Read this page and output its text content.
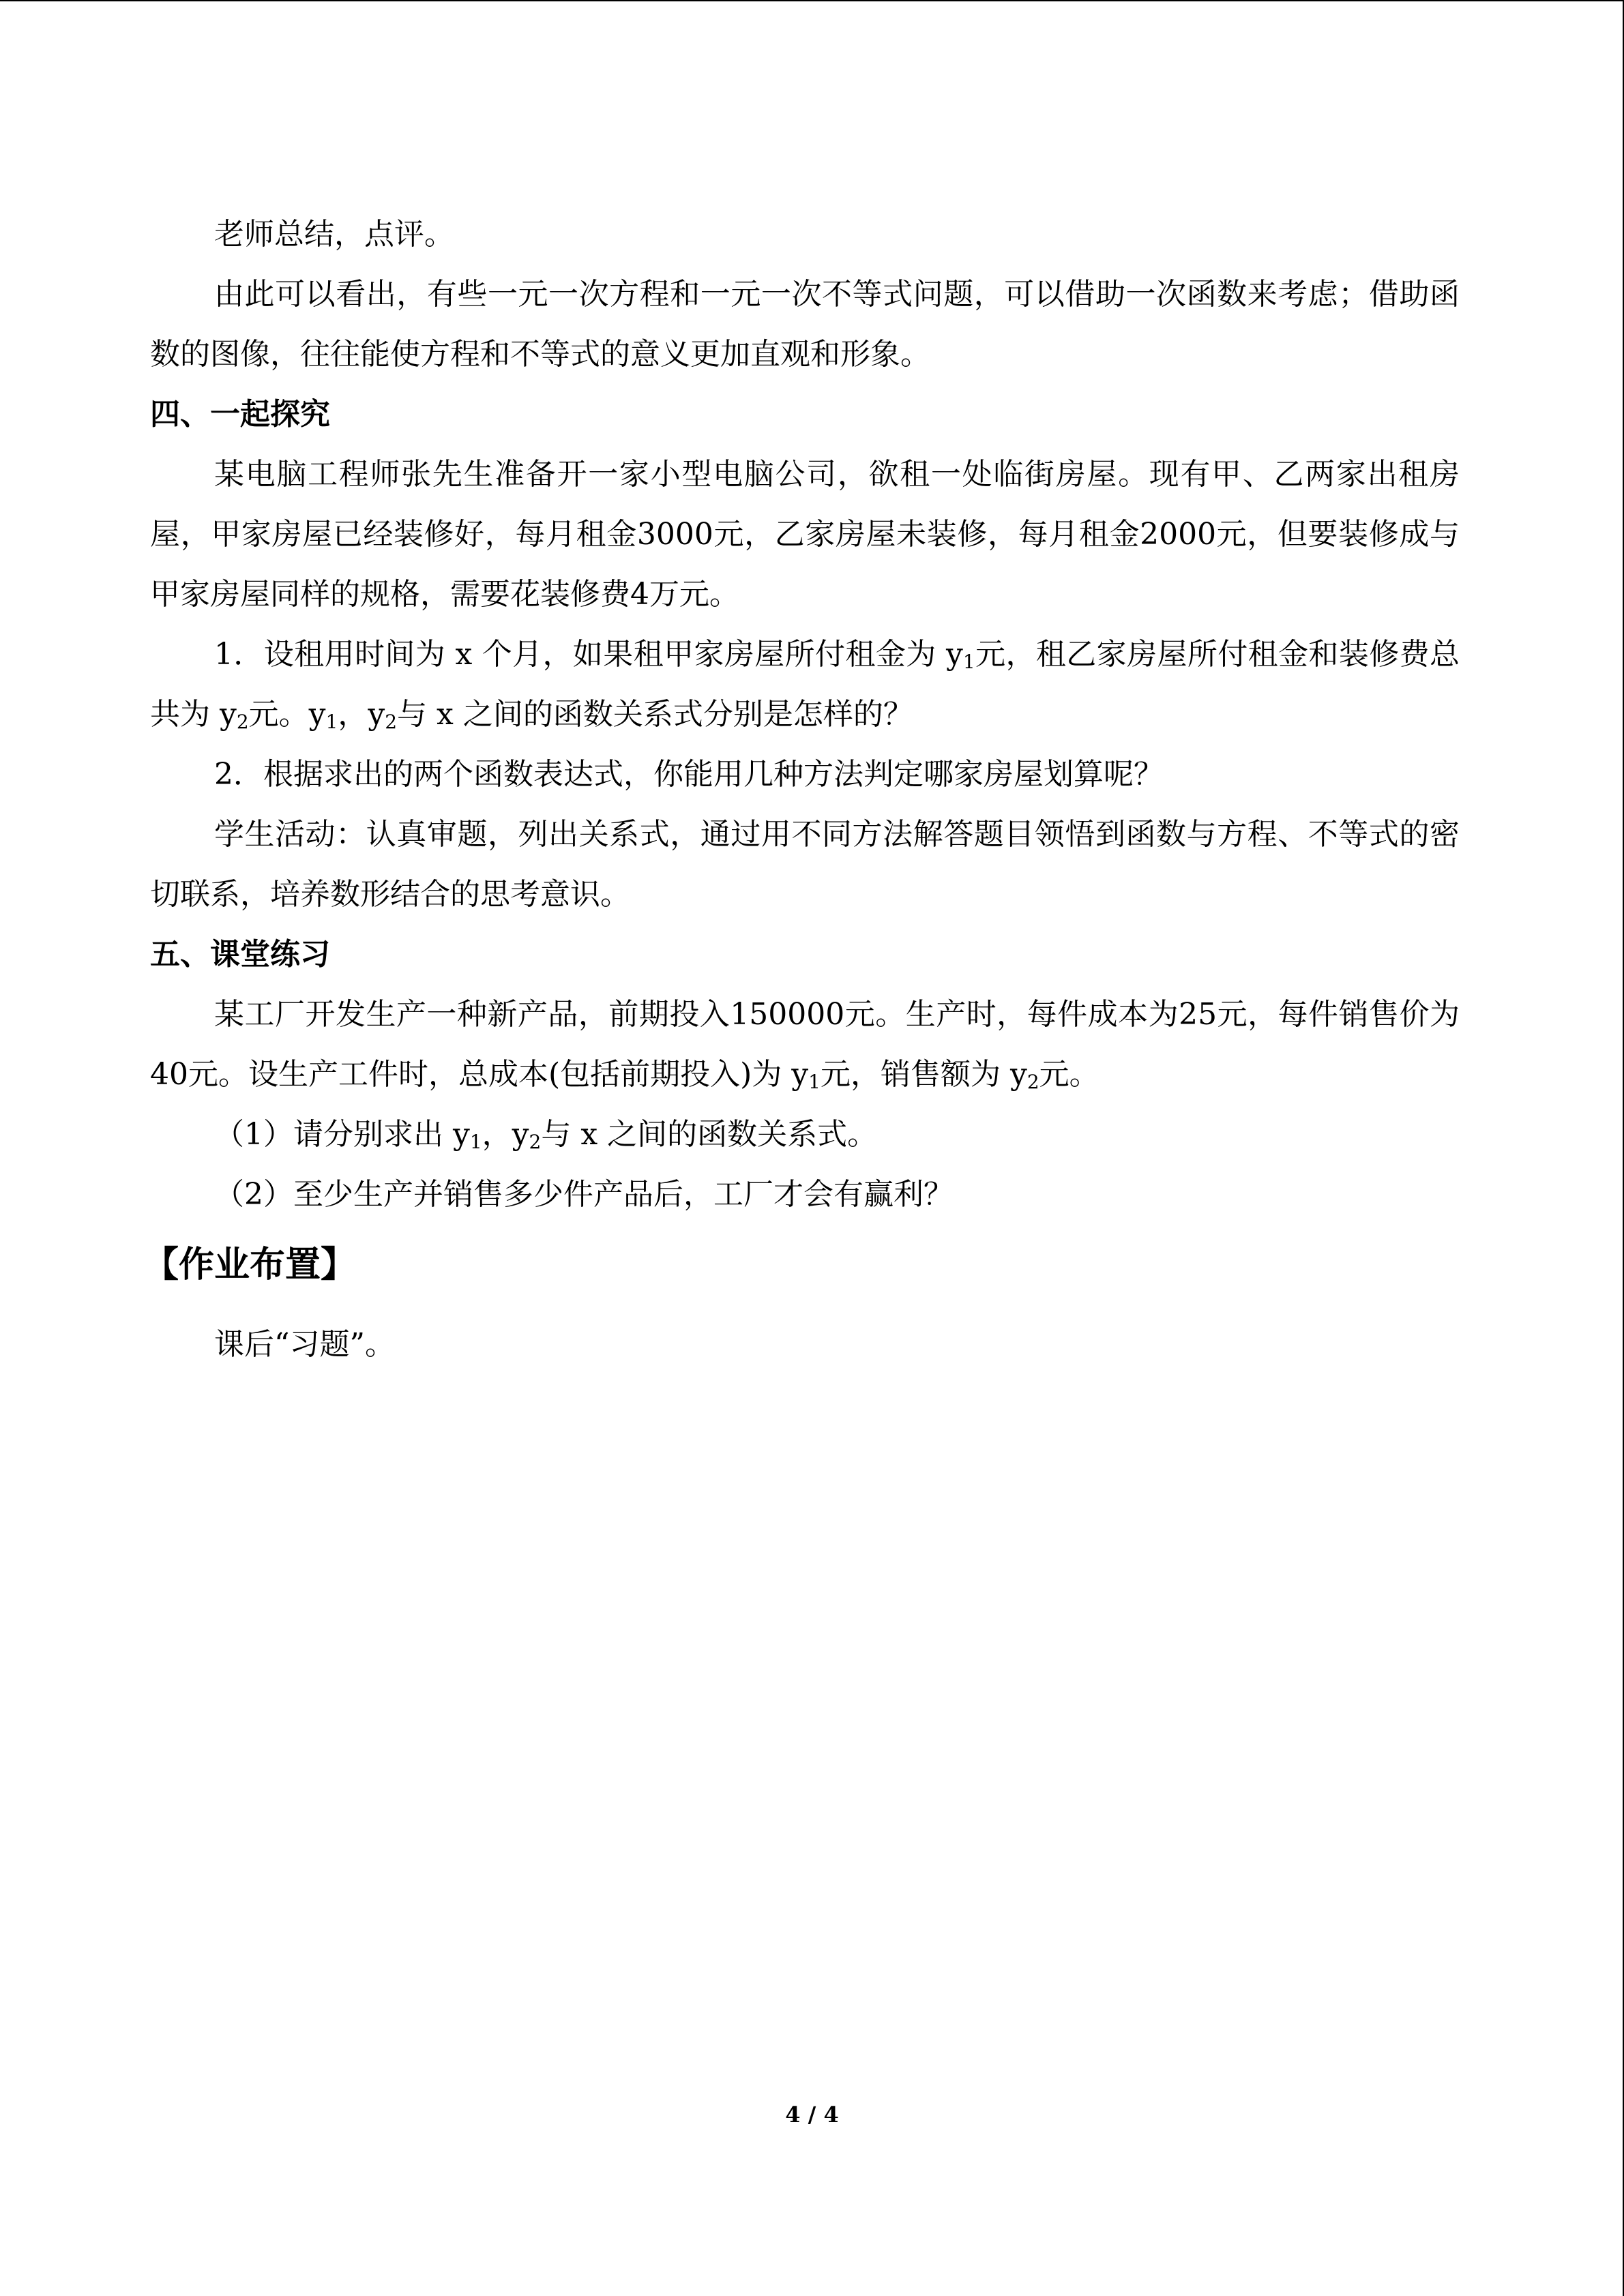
老师总结，点评。

由此可以看出，有些一元一次方程和一元一次不等式问题，可以借助一次函数来考虑；借助函数的图像，往往能使方程和不等式的意义更加直观和形象。

四、一起探究

某电脑工程师张先生准备开一家小型电脑公司，欲租一处临街房屋。现有甲、乙两家出租房屋，甲家房屋已经装修好，每月租金3000元，乙家房屋未装修，每月租金2000元，但要装修成与甲家房屋同样的规格，需要花装修费4万元。

1．设租用时间为 x 个月，如果租甲家房屋所付租金为 $y_1$元，租乙家房屋所付租金和装修费总共为 $y_2$元。$y_1$，$y_2$与 x 之间的函数关系式分别是怎样的？

2．根据求出的两个函数表达式，你能用几种方法判定哪家房屋划算呢？

学生活动：认真审题，列出关系式，通过用不同方法解答题目领悟到函数与方程、不等式的密切联系，培养数形结合的思考意识。

五、课堂练习

某工厂开发生产一种新产品，前期投入150000元。生产时，每件成本为25元，每件销售价为40元。设生产工件时，总成本(包括前期投入)为 $y_1$元，销售额为 $y_2$元。

（1）请分别求出 $y_1$，$y_2$与 x 之间的函数关系式。

（2）至少生产并销售多少件产品后，工厂才会有赢利？

【作业布置】

课后“习题”。

4 / 4
